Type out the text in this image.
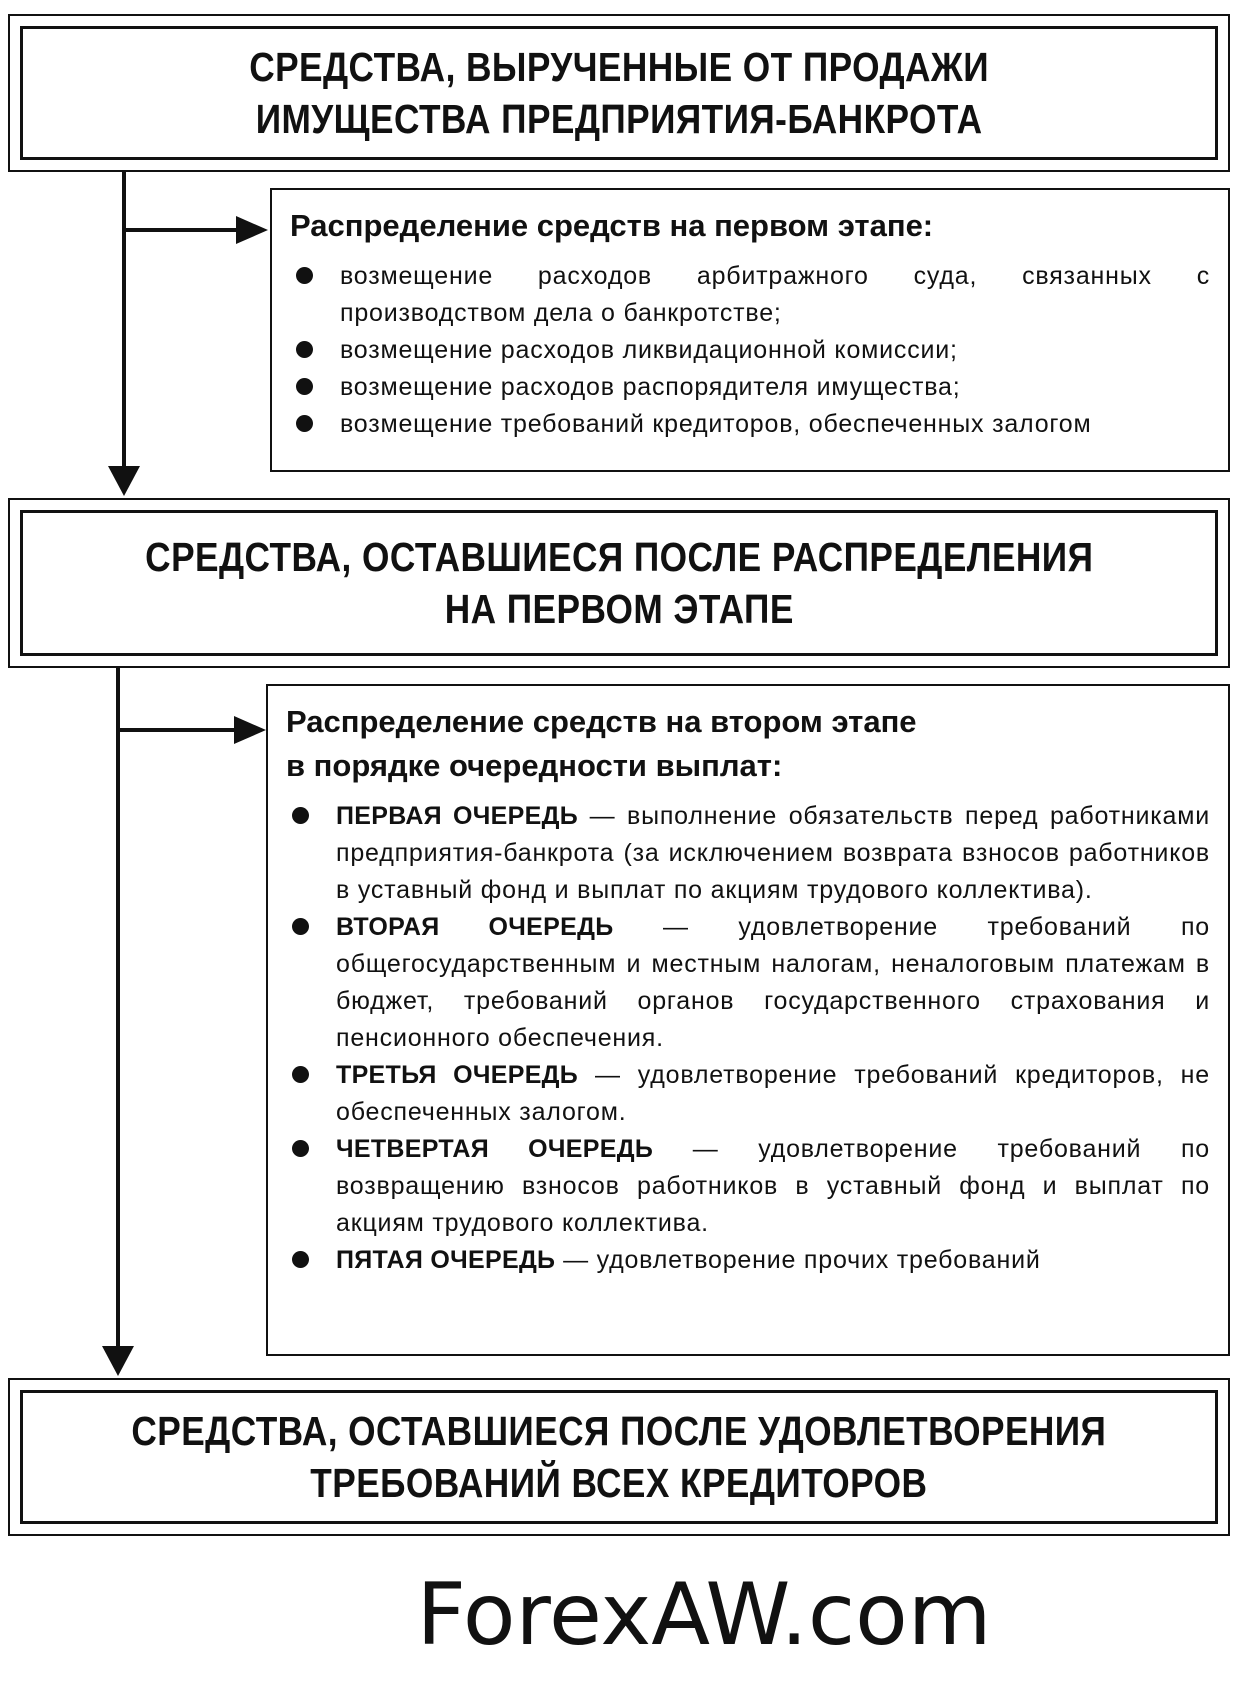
СРЕДСТВА, ВЫРУЧЕННЫЕ ОТ ПРОДАЖИ
ИМУЩЕСТВА ПРЕДПРИЯТИЯ-БАНКРОТА
Распределение средств на первом этапе:
возмещение расходов арбитражного суда, связанных с производством дела о банкротстве;
возмещение расходов ликвидационной комиссии;
возмещение расходов распорядителя имущества;
возмещение требований кредиторов, обеспеченных залогом
СРЕДСТВА, ОСТАВШИЕСЯ ПОСЛЕ РАСПРЕДЕЛЕНИЯ
НА ПЕРВОМ ЭТАПЕ
Распределение средств на втором этапе
в порядке очередности выплат:
ПЕРВАЯ ОЧЕРЕДЬ — выполнение обязательств перед работниками предприятия-банкрота (за исключением возврата взносов работников в уставный фонд и выплат по акциям трудового коллектива).
ВТОРАЯ ОЧЕРЕДЬ — удовлетворение требований по общегосударственным и местным налогам, неналоговым платежам в бюджет, требований органов государственного страхования и пенсионного обеспечения.
ТРЕТЬЯ ОЧЕРЕДЬ — удовлетворение требований кредиторов, не обеспеченных залогом.
ЧЕТВЕРТАЯ ОЧЕРЕДЬ — удовлетворение требований по возвращению взносов работников в уставный фонд и выплат по акциям трудового коллектива.
ПЯТАЯ ОЧЕРЕДЬ — удовлетворение прочих требований
СРЕДСТВА, ОСТАВШИЕСЯ ПОСЛЕ УДОВЛЕТВОРЕНИЯ
ТРЕБОВАНИЙ ВСЕХ КРЕДИТОРОВ
ForexAW.com
